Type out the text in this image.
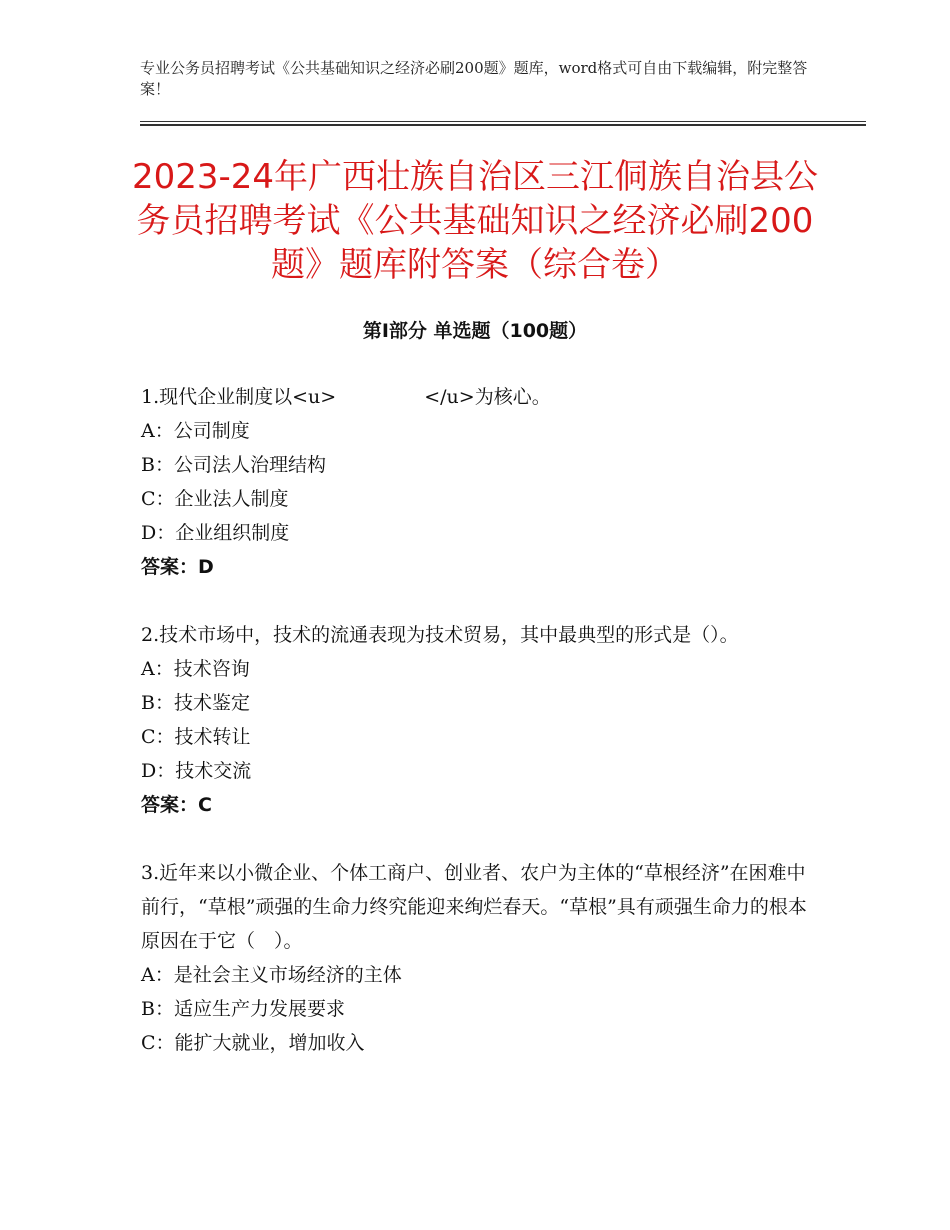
专业公务员招聘考试《公共基础知识之经济必刷200题》题库，word格式可自由下载编辑，附完整答案！
2023-24年广西壮族自治区三江侗族自治县公务员招聘考试《公共基础知识之经济必刷200题》题库附答案（综合卷）
第Ⅰ部分 单选题（100题）

1.现代企业制度以<u>	</u>为核心。

A：公司制度

B：公司法人治理结构

C：企业法人制度

D：企业组织制度

答案：D

2.技术市场中，技术的流通表现为技术贸易，其中最典型的形式是（）。

A：技术咨询

B：技术鉴定

C：技术转让

D：技术交流

答案：C

3.近年来以小微企业、个体工商户、创业者、农户为主体的“草根经济”在困难中前行，“草根”顽强的生命力终究能迎来绚烂春天。“草根”具有顽强生命力的根本原因在于它（　）。

A：是社会主义市场经济的主体

B：适应生产力发展要求

C：能扩大就业，增加收入
